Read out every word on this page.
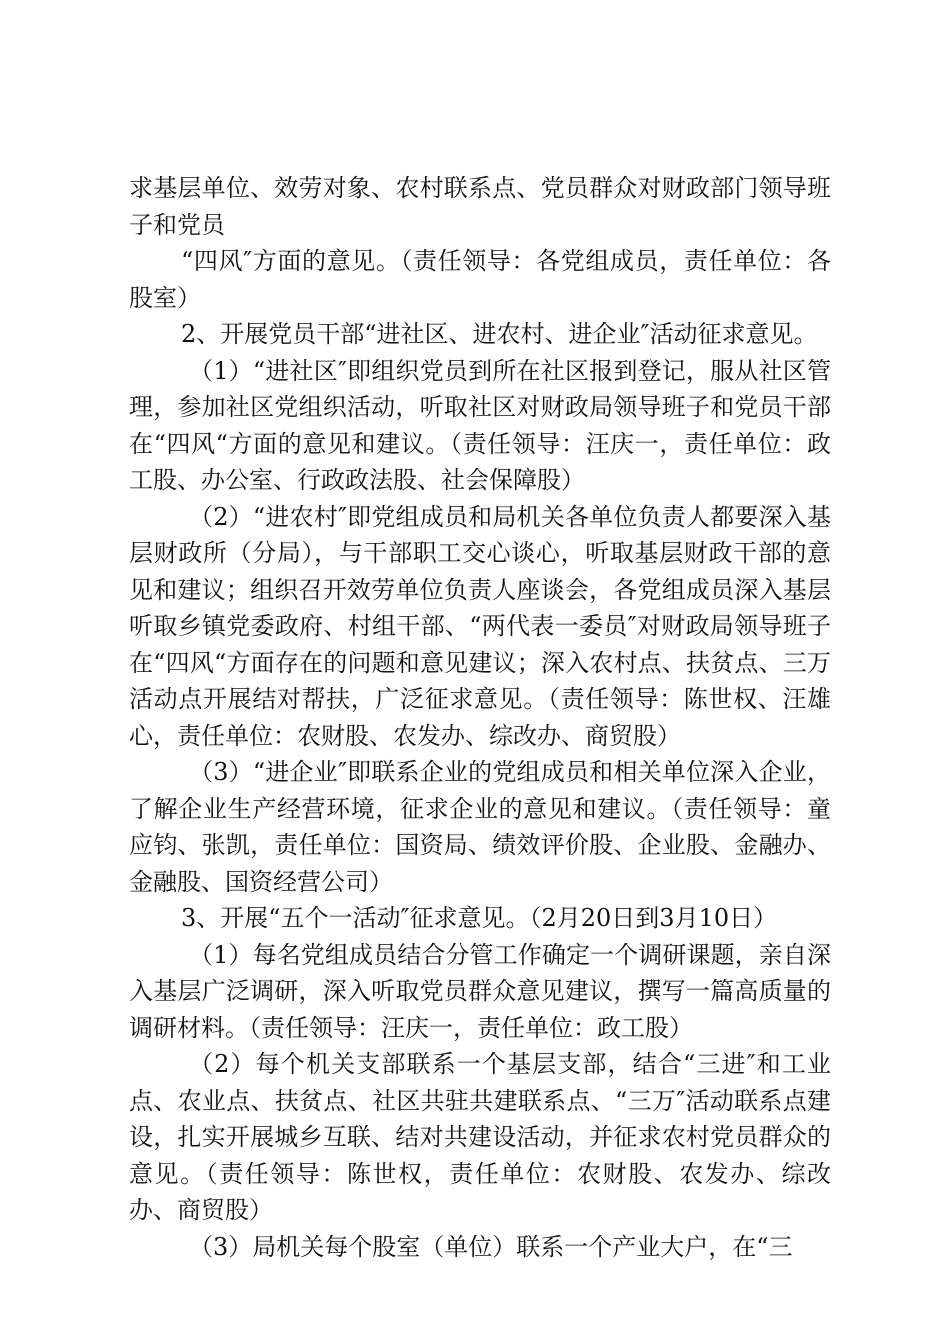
求基层单位、效劳对象、农村联系点、党员群众对财政部门领导班子和党员

“四风″方面的意见。（责任领导：各党组成员，责任单位：各股室）

2、开展党员干部“进社区、进农村、进企业″活动征求意见。

（1）“进社区″即组织党员到所在社区报到登记，服从社区管理，参加社区党组织活动，听取社区对财政局领导班子和党员干部在“四风“方面的意见和建议。（责任领导：汪庆一，责任单位：政工股、办公室、行政政法股、社会保障股）

（2）“进农村″即党组成员和局机关各单位负责人都要深入基层财政所（分局），与干部职工交心谈心，听取基层财政干部的意见和建议；组织召开效劳单位负责人座谈会，各党组成员深入基层听取乡镇党委政府、村组干部、“两代表一委员″对财政局领导班子在“四风“方面存在的问题和意见建议；深入农村点、扶贫点、三万活动点开展结对帮扶，广泛征求意见。（责任领导：陈世权、汪雄心，责任单位：农财股、农发办、综改办、商贸股）

（3）“进企业″即联系企业的党组成员和相关单位深入企业，了解企业生产经营环境，征求企业的意见和建议。（责任领导：童应钧、张凯，责任单位：国资局、绩效评价股、企业股、金融办、金融股、国资经营公司）

3、开展“五个一活动″征求意见。（2月20日到3月10日）

（1）每名党组成员结合分管工作确定一个调研课题，亲自深入基层广泛调研，深入听取党员群众意见建议，撰写一篇高质量的调研材料。（责任领导：汪庆一，责任单位：政工股）

（2）每个机关支部联系一个基层支部，结合“三进″和工业点、农业点、扶贫点、社区共驻共建联系点、“三万″活动联系点建设，扎实开展城乡互联、结对共建设活动，并征求农村党员群众的意见。（责任领导：陈世权，责任单位：农财股、农发办、综改办、商贸股）

（3）局机关每个股室（单位）联系一个产业大户，在“三
